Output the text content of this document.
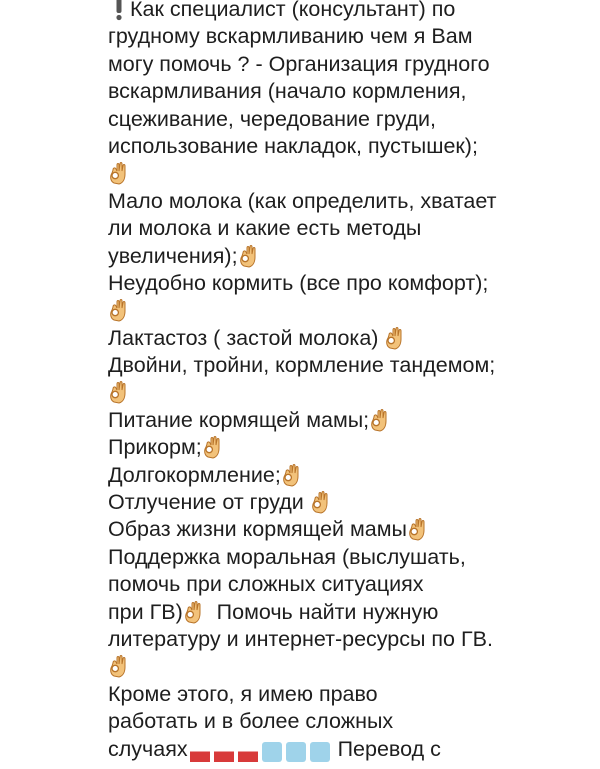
Как специалист (консультант) по
грудному вскармливанию чем я Вам
могу помочь ? - Организация грудного
вскармливания (начало кормления,
сцеживание, чередование груди,
использование накладок, пустышек);
Мало молока (как определить, хватает
ли молока и какие есть методы
увеличения);
Неудобно кормить (все про комфорт);
Лактастоз ( застой молока)
Двойни, тройни, кормление тандемом;
Питание кормящей мамы;
Прикорм;
Долгокормление;
Отлучение от груди
Образ жизни кормящей мамы
Поддержка моральная (выслушать,
помочь при сложных ситуациях
при ГВ)
Помочь найти нужную
литературу и интернет-ресурсы по ГВ.
Кроме этого, я имею право
работать и в более сложных
случаях	Перевод с
